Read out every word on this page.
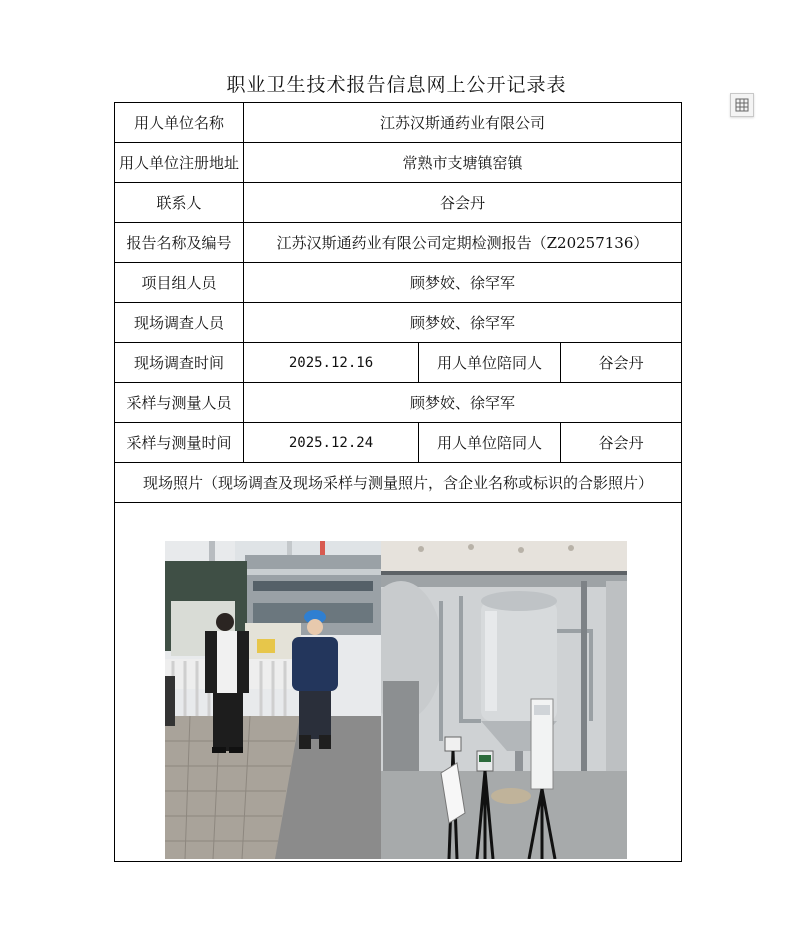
职业卫生技术报告信息网上公开记录表
用人单位名称	江苏汉斯通药业有限公司		
用人单位注册地址	常熟市支塘镇窑镇		
联系人	谷会丹		
报告名称及编号	江苏汉斯通药业有限公司定期检测报告（Z20257136）		
项目组人员	顾梦姣、徐罕军		
现场调查人员	顾梦姣、徐罕军		
现场调查时间	2025.12.16	用人单位陪同人	谷会丹
采样与测量人员	顾梦姣、徐罕军		
采样与测量时间	2025.12.24	用人单位陪同人	谷会丹
现场照片（现场调查及现场采样与测量照片，含企业名称或标识的合影照片）			
